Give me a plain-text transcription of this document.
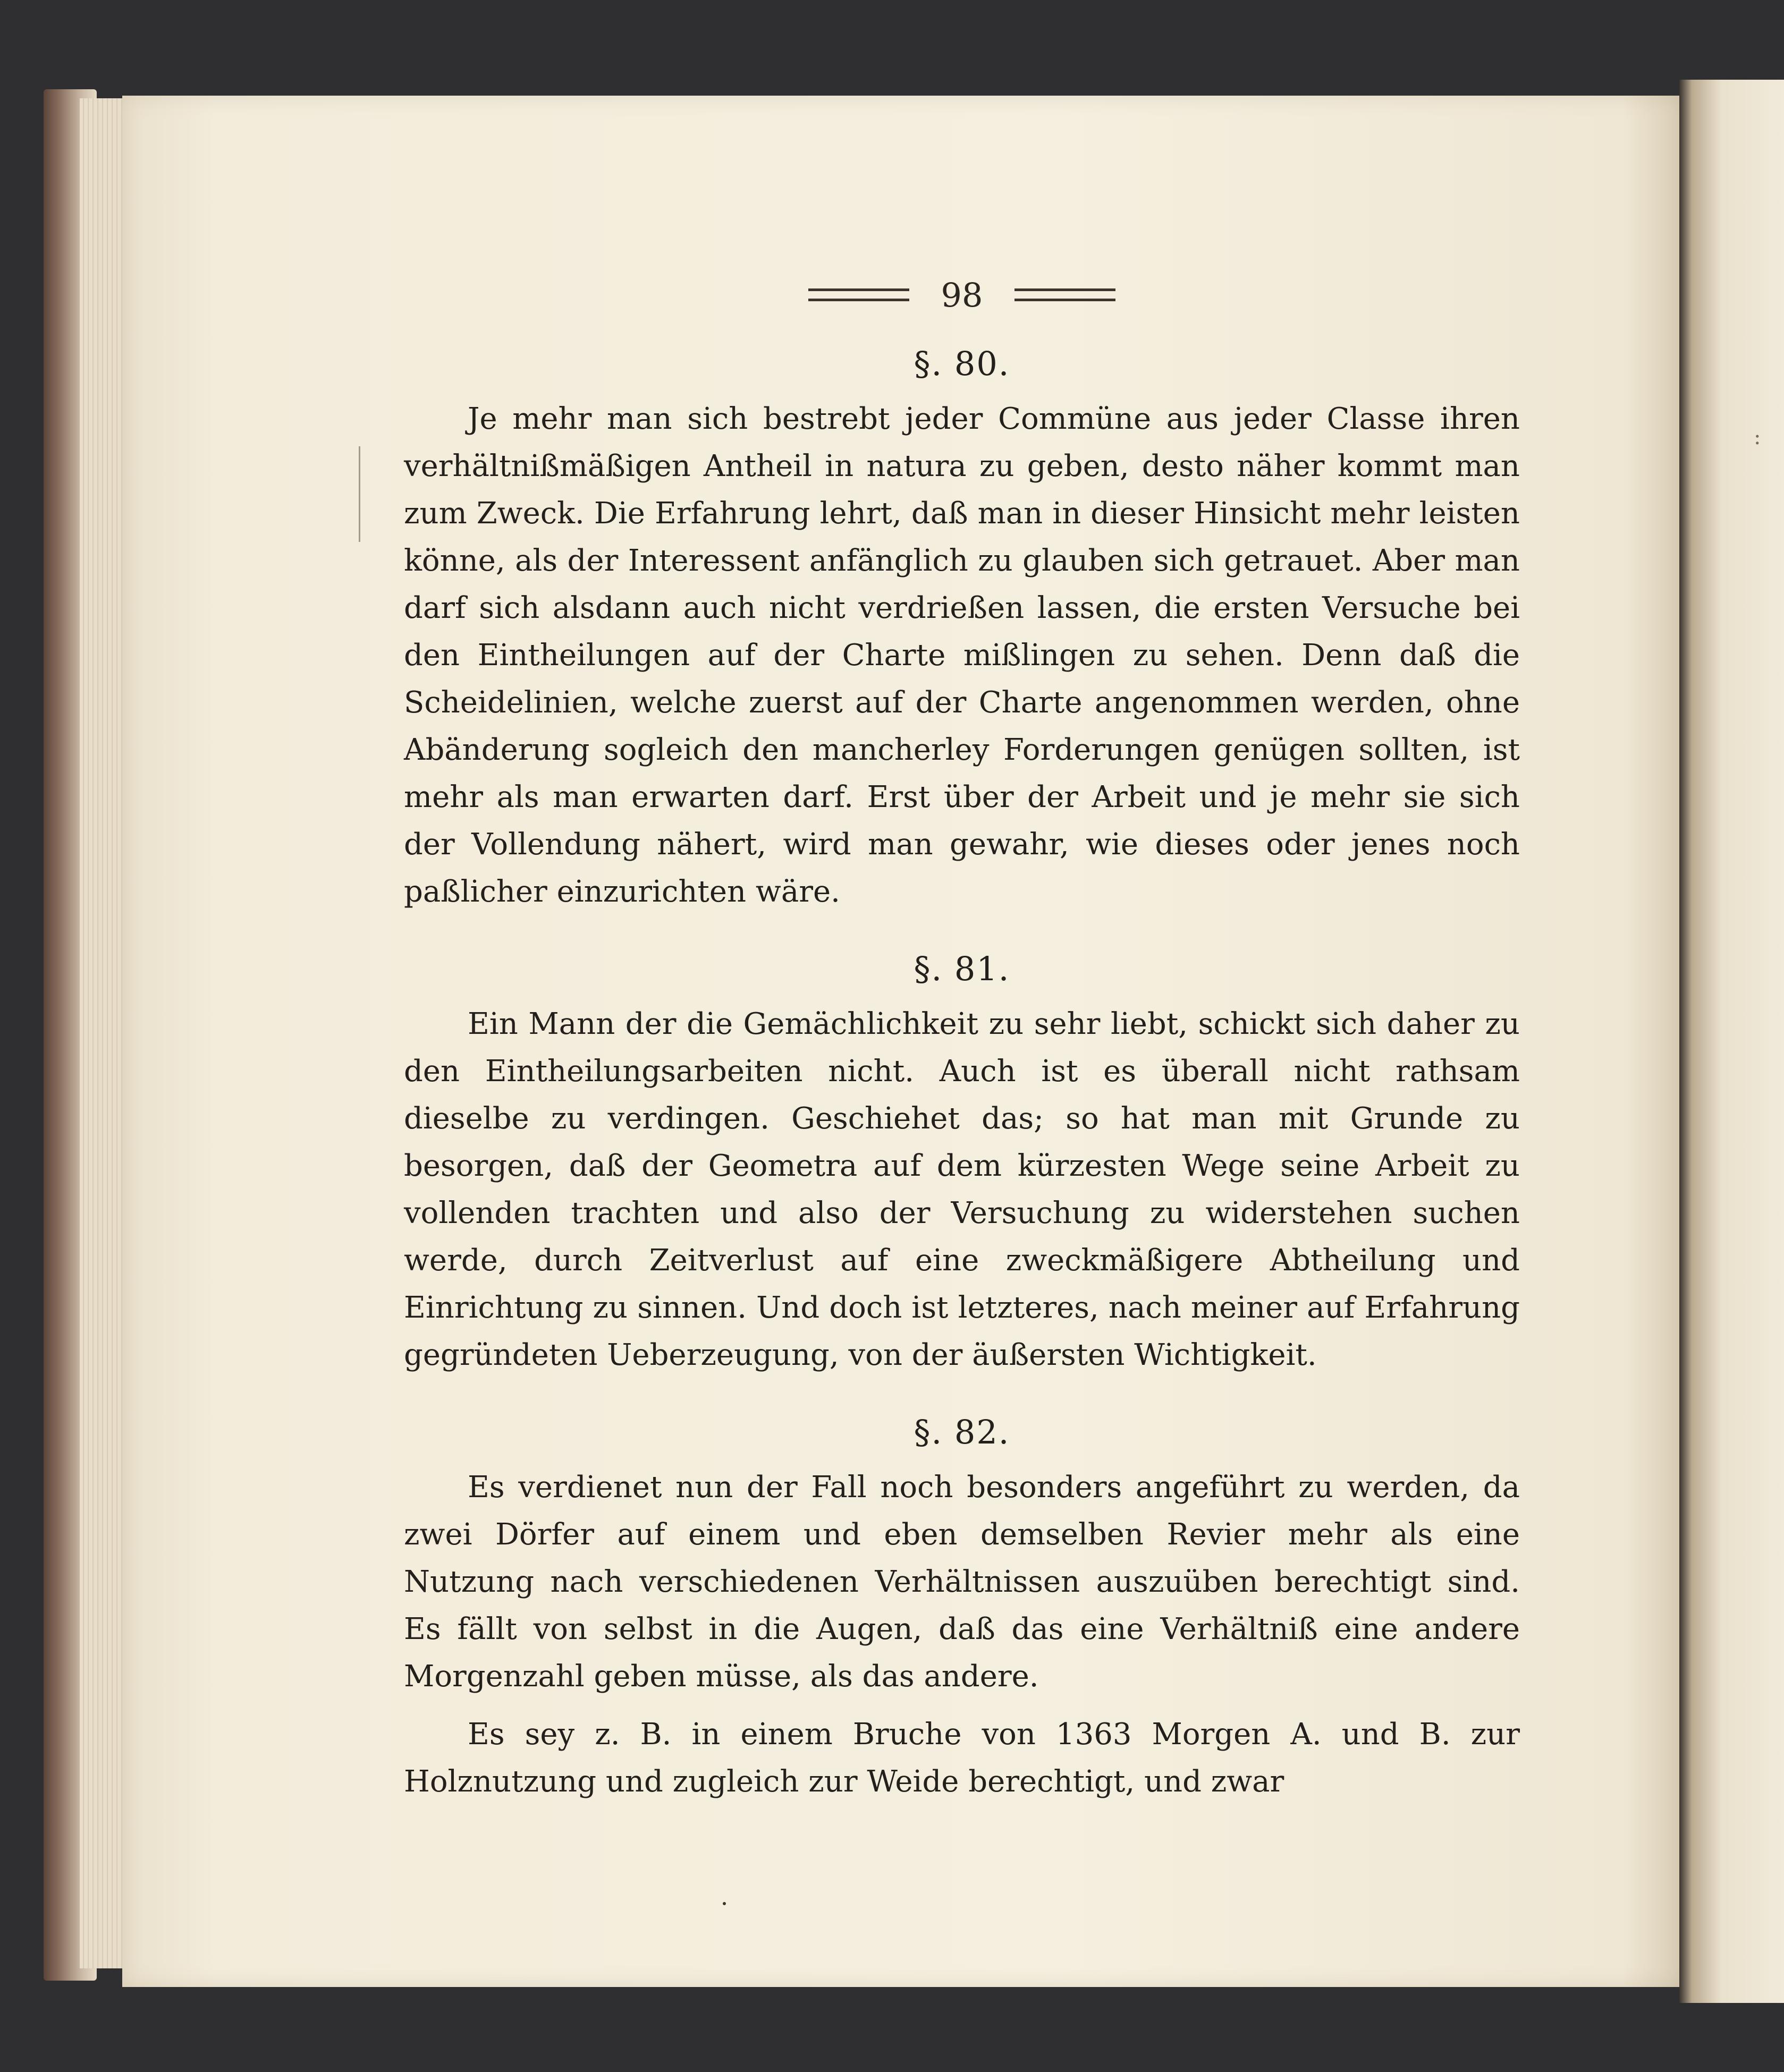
:
98
§. 80.

Je mehr man sich bestrebt jeder Commüne aus jeder Classe ihren verhältnißmäßigen Antheil in natura zu geben, desto näher kommt man zum Zweck. Die Erfahrung lehrt, daß man in dieser Hinsicht mehr leisten könne, als der Interessent anfänglich zu glauben sich getrauet. Aber man darf sich alsdann auch nicht verdrießen lassen, die ersten Versuche bei den Eintheilungen auf der Charte mißlingen zu sehen. Denn daß die Scheidelinien, welche zuerst auf der Charte angenommen werden, ohne Abänderung sogleich den mancherley Forderungen genügen sollten, ist mehr als man erwarten darf. Erst über der Arbeit und je mehr sie sich der Vollendung nähert, wird man gewahr, wie dieses oder jenes noch paßlicher einzurichten wäre.

§. 81.

Ein Mann der die Gemächlichkeit zu sehr liebt, schickt sich daher zu den Eintheilungsarbeiten nicht. Auch ist es überall nicht rathsam dieselbe zu verdingen. Geschiehet das; so hat man mit Grunde zu besorgen, daß der Geometra auf dem kürzesten Wege seine Arbeit zu vollenden trachten und also der Versuchung zu widerstehen suchen werde, durch Zeitverlust auf eine zweckmäßigere Abtheilung und Einrichtung zu sinnen. Und doch ist letzteres, nach meiner auf Erfahrung gegründeten Ueberzeugung, von der äußersten Wichtigkeit.

§. 82.

Es verdienet nun der Fall noch besonders angeführt zu werden, da zwei Dörfer auf einem und eben demselben Revier mehr als eine Nutzung nach verschiedenen Verhältnissen auszuüben berechtigt sind. Es fällt von selbst in die Augen, daß das eine Verhältniß eine andere Morgenzahl geben müsse, als das andere.

Es sey z. B. in einem Bruche von 1363 Morgen A. und B. zur Holznutzung und zugleich zur Weide berechtigt, und zwar
